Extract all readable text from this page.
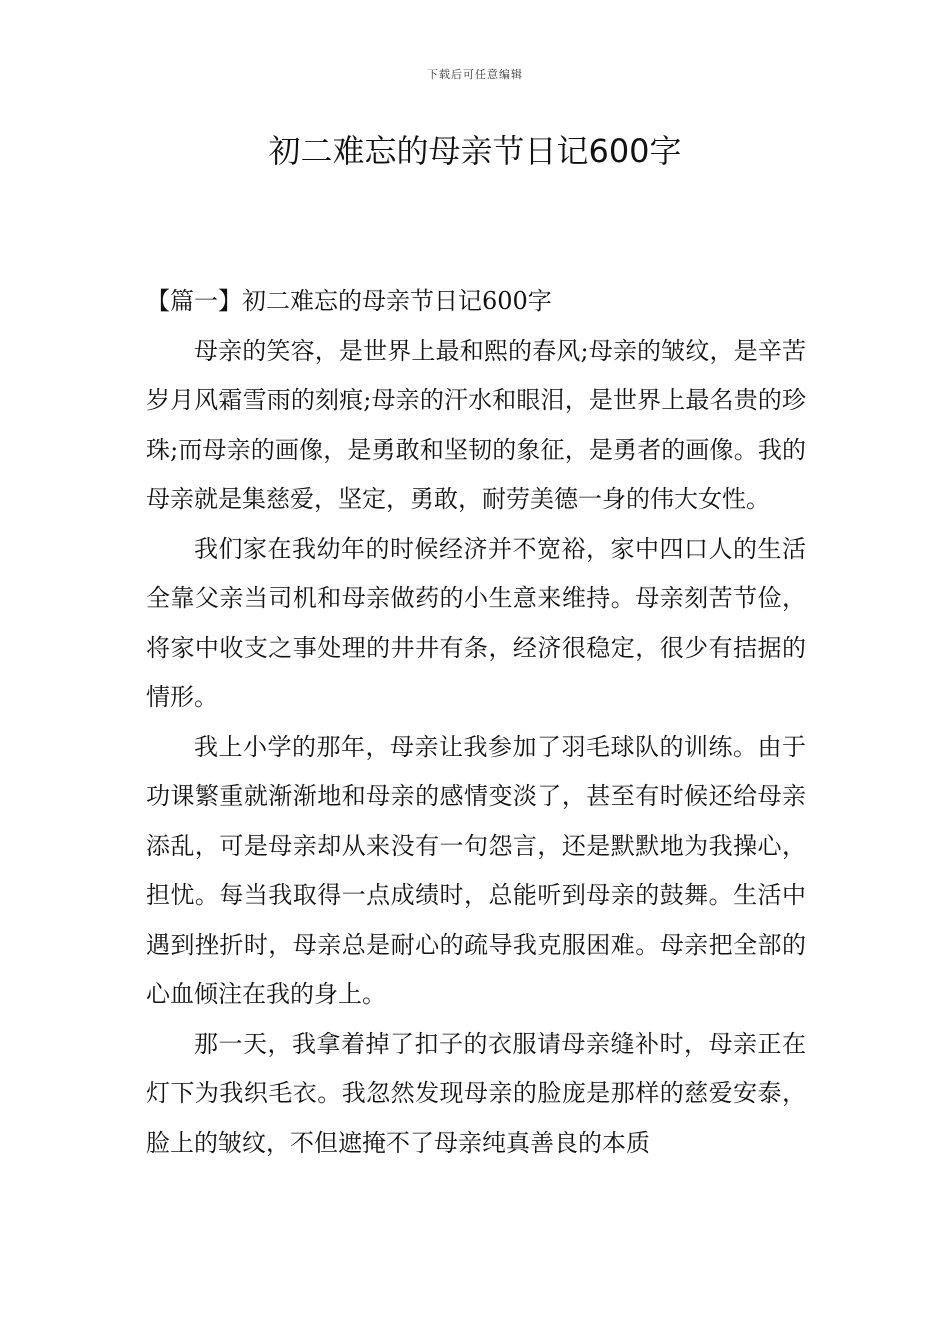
下载后可任意编辑
初二难忘的母亲节日记600字

【篇一】初二难忘的母亲节日记600字

母亲的笑容，是世界上最和熙的春风;母亲的皱纹，是辛苦岁月风霜雪雨的刻痕;母亲的汗水和眼泪，是世界上最名贵的珍珠;而母亲的画像，是勇敢和坚韧的象征，是勇者的画像。我的母亲就是集慈爱，坚定，勇敢，耐劳美德一身的伟大女性。

我们家在我幼年的时候经济并不宽裕，家中四口人的生活全靠父亲当司机和母亲做药的小生意来维持。母亲刻苦节俭，将家中收支之事处理的井井有条，经济很稳定，很少有拮据的情形。

我上小学的那年，母亲让我参加了羽毛球队的训练。由于功课繁重就渐渐地和母亲的感情变淡了，甚至有时候还给母亲添乱，可是母亲却从来没有一句怨言，还是默默地为我操心，担忧。每当我取得一点成绩时，总能听到母亲的鼓舞。生活中遇到挫折时，母亲总是耐心的疏导我克服困难。母亲把全部的心血倾注在我的身上。

那一天，我拿着掉了扣子的衣服请母亲缝补时，母亲正在灯下为我织毛衣。我忽然发现母亲的脸庞是那样的慈爱安泰，脸上的皱纹，不但遮掩不了母亲纯真善良的本质
